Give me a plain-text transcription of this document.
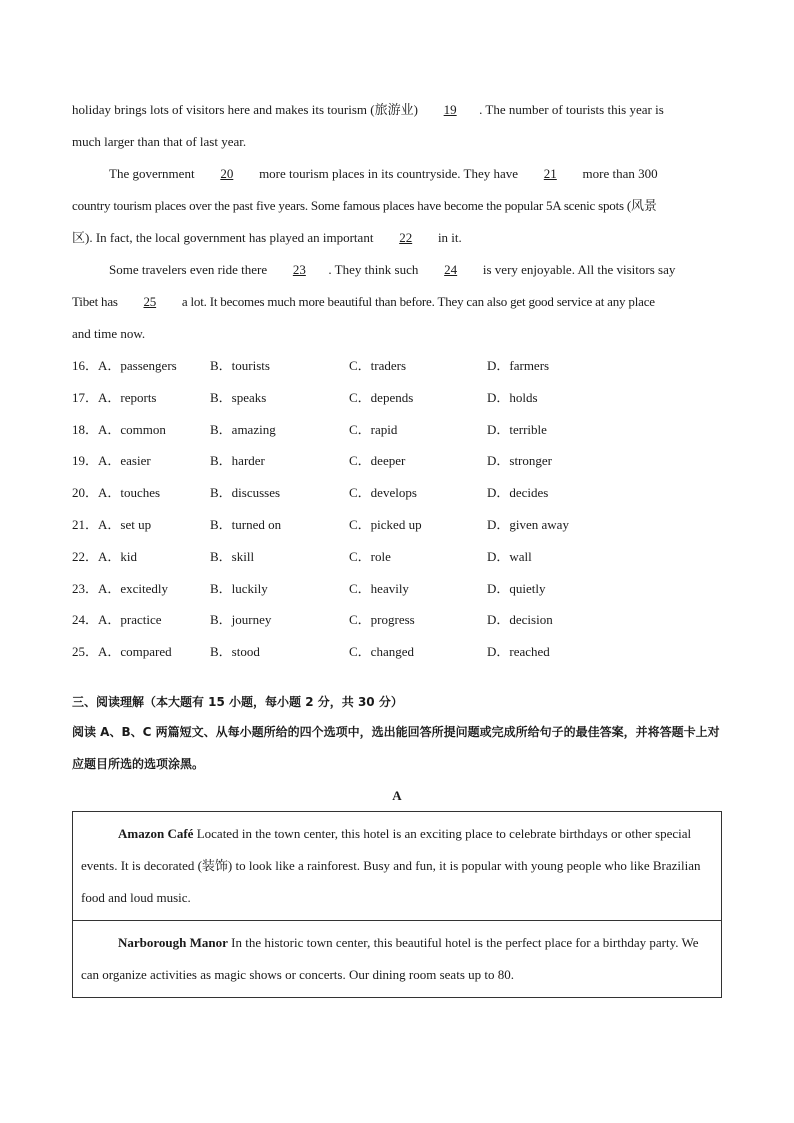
holiday brings lots of visitors here and makes its tourism (旅游业) 19 . The number of tourists this year is
much larger than that of last year.
The government 20 more tourism places in its countryside. They have 21 more than 300
country tourism places over the past five years. Some famous places have become the popular 5A scenic spots (风景
区). In fact, the local government has played an important 22 in it.
Some travelers even ride there 23 . They think such 24 is very enjoyable. All the visitors say
Tibet has 25 a lot. It becomes much more beautiful than before. They can also get good service at any place
and time now.
16．A．passengers	B．tourists	C．traders	D．farmers
17．A．reports	B．speaks	C．depends	D．holds
18．A．common	B．amazing	C．rapid	D．terrible
19．A．easier	B．harder	C．deeper	D．stronger
20．A．touches	B．discusses	C．develops	D．decides
21．A．set up	B．turned on	C．picked up	D．given away
22．A．kid	B．skill	C．role	D．wall
23．A．excitedly	B．luckily	C．heavily	D．quietly
24．A．practice	B．journey	C．progress	D．decision
25．A．compared	B．stood	C．changed	D．reached
三、阅读理解（本大题有 15 小题，每小题 2 分，共 30 分）
阅读 A、B、C 两篇短文、从每小题所给的四个选项中，选出能回答所提问题或完成所给句子的最佳答案，并将答题卡上对应题目所选的选项涂黑。
A
Amazon Café Located in the town center, this hotel is an exciting place to celebrate birthdays or other special events. It is decorated (装饰) to look like a rainforest. Busy and fun, it is popular with young people who like Brazilian food and loud music.
Narborough Manor In the historic town center, this beautiful hotel is the perfect place for a birthday party. We can organize activities as magic shows or concerts. Our dining room seats up to 80.
